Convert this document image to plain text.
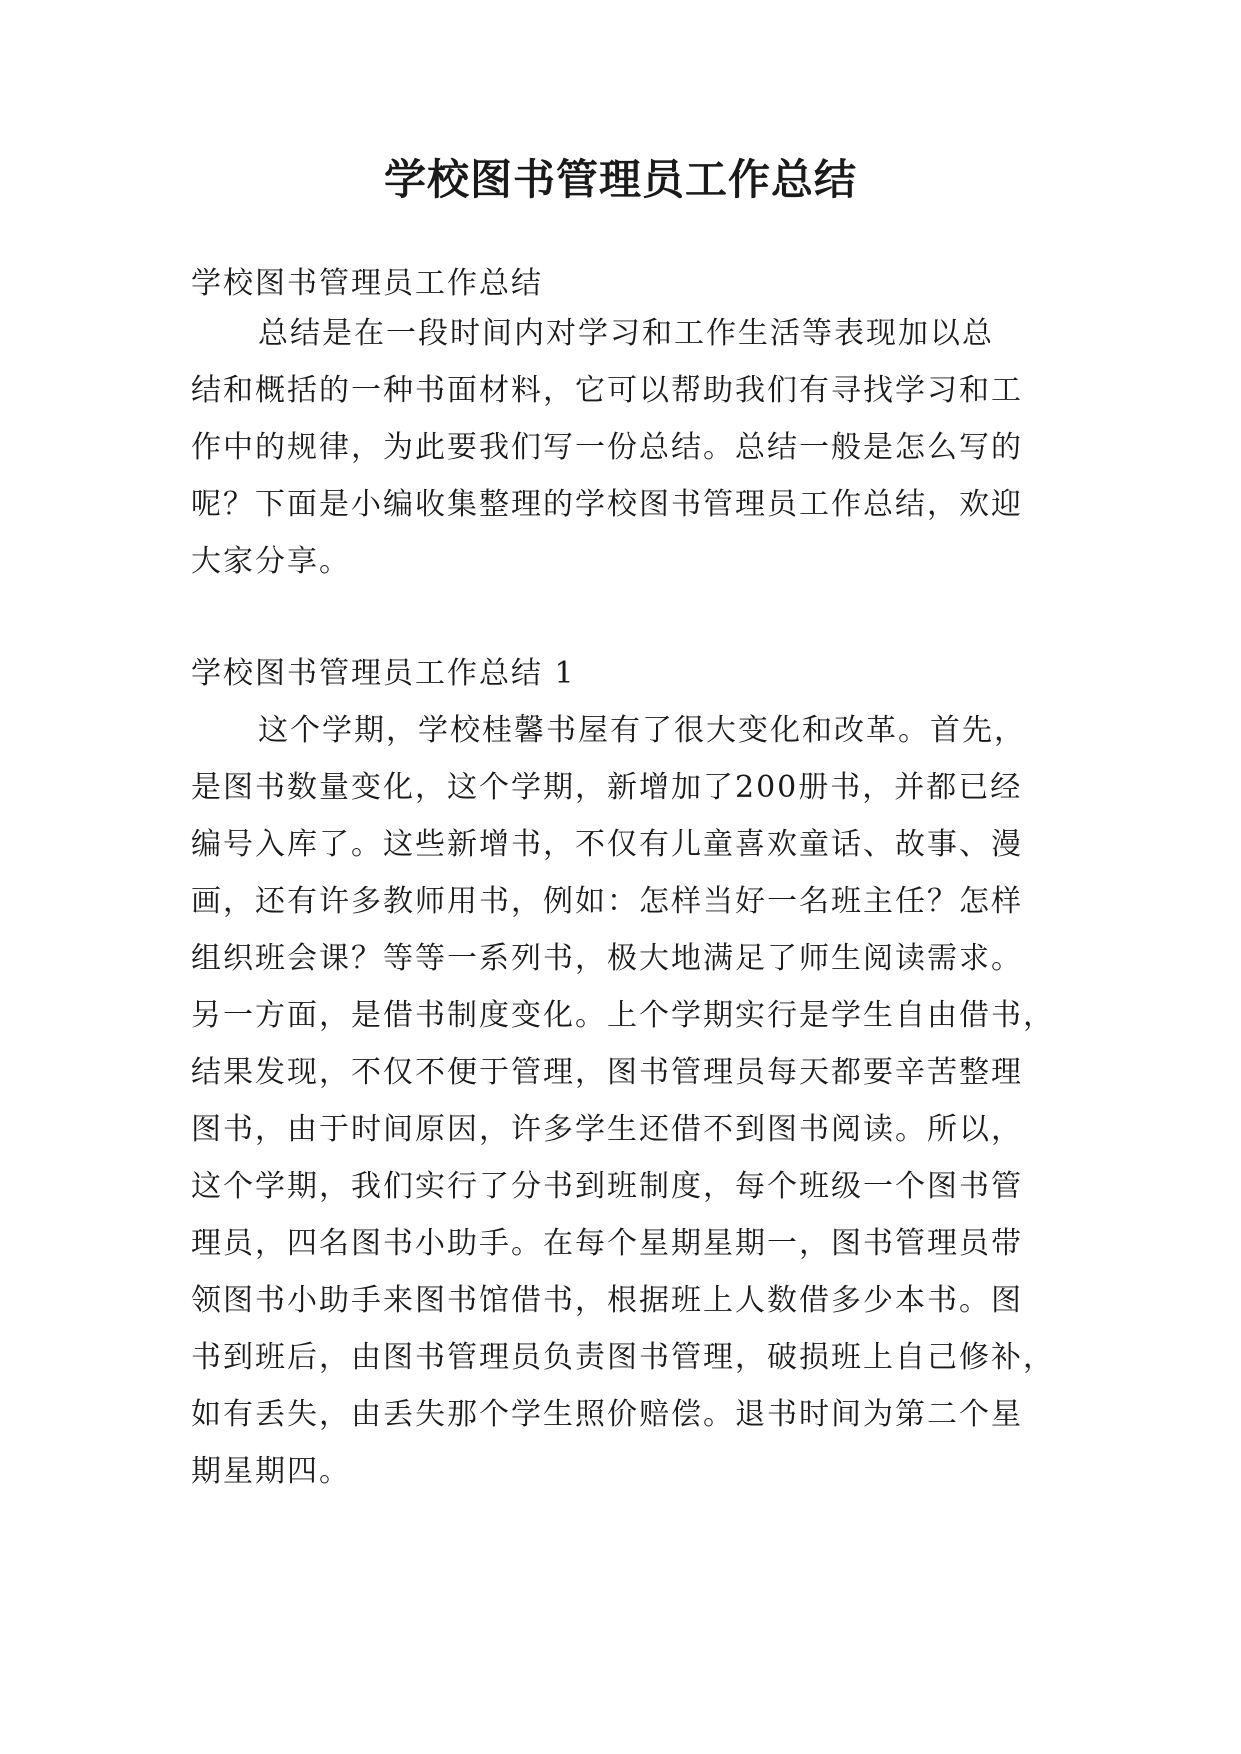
学校图书管理员工作总结
学校图书管理员工作总结
总结是在一段时间内对学习和工作生活等表现加以总
结和概括的一种书面材料，它可以帮助我们有寻找学习和工
作中的规律，为此要我们写一份总结。总结一般是怎么写的
呢？下面是小编收集整理的学校图书管理员工作总结，欢迎
大家分享。
学校图书管理员工作总结 1
这个学期，学校桂馨书屋有了很大变化和改革。首先，
是图书数量变化，这个学期，新增加了200册书，并都已经
编号入库了。这些新增书，不仅有儿童喜欢童话、故事、漫
画，还有许多教师用书，例如：怎样当好一名班主任？怎样
组织班会课？等等一系列书，极大地满足了师生阅读需求。
另一方面，是借书制度变化。上个学期实行是学生自由借书，
结果发现，不仅不便于管理，图书管理员每天都要辛苦整理
图书，由于时间原因，许多学生还借不到图书阅读。所以，
这个学期，我们实行了分书到班制度，每个班级一个图书管
理员，四名图书小助手。在每个星期星期一，图书管理员带
领图书小助手来图书馆借书，根据班上人数借多少本书。图
书到班后，由图书管理员负责图书管理，破损班上自己修补，
如有丢失，由丢失那个学生照价赔偿。退书时间为第二个星
期星期四。
